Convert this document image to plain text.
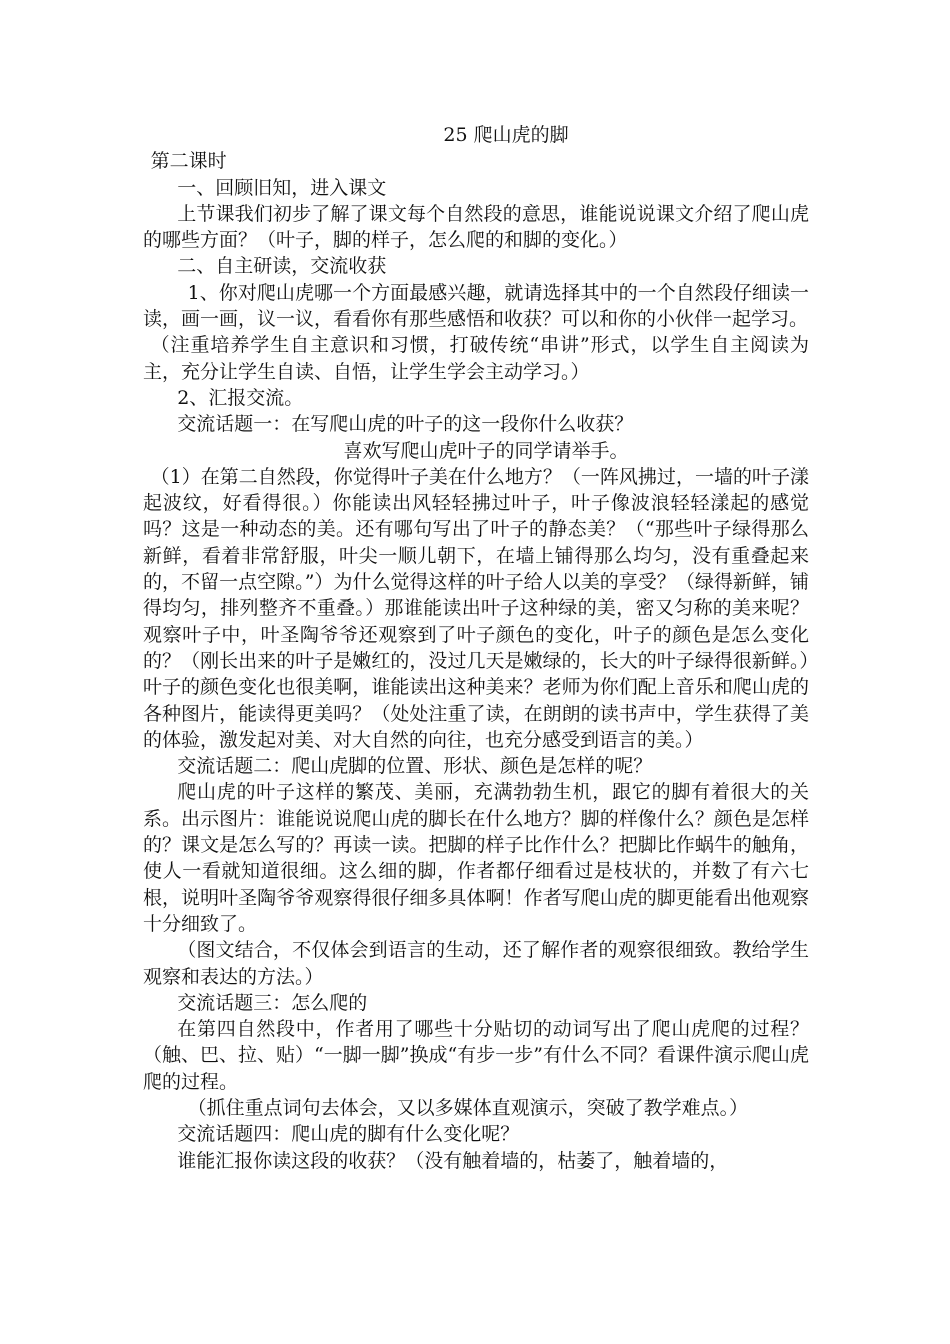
25 爬山虎的脚

第二课时

一、回顾旧知，进入课文

上节课我们初步了解了课文每个自然段的意思，谁能说说课文介绍了爬山虎的哪些方面？（叶子，脚的样子，怎么爬的和脚的变化。）

二、自主研读，交流收获

1、你对爬山虎哪一个方面最感兴趣，就请选择其中的一个自然段仔细读一读，画一画，议一议，看看你有那些感悟和收获？可以和你的小伙伴一起学习。

（注重培养学生自主意识和习惯，打破传统“串讲”形式，以学生自主阅读为主，充分让学生自读、自悟，让学生学会主动学习。）

2、汇报交流。

交流话题一：在写爬山虎的叶子的这一段你什么收获？

喜欢写爬山虎叶子的同学请举手。

（1）在第二自然段，你觉得叶子美在什么地方？（一阵风拂过，一墙的叶子漾起波纹，好看得很。）你能读出风轻轻拂过叶子，叶子像波浪轻轻漾起的感觉吗？这是一种动态的美。还有哪句写出了叶子的静态美？（“那些叶子绿得那么新鲜，看着非常舒服，叶尖一顺儿朝下，在墙上铺得那么均匀，没有重叠起来的，不留一点空隙。”）为什么觉得这样的叶子给人以美的享受？（绿得新鲜，铺得均匀，排列整齐不重叠。）那谁能读出叶子这种绿的美，密又匀称的美来呢？观察叶子中，叶圣陶爷爷还观察到了叶子颜色的变化，叶子的颜色是怎么变化的？（刚长出来的叶子是嫩红的，没过几天是嫩绿的，长大的叶子绿得很新鲜。）叶子的颜色变化也很美啊，谁能读出这种美来？老师为你们配上音乐和爬山虎的各种图片，能读得更美吗？（处处注重了读，在朗朗的读书声中，学生获得了美的体验，激发起对美、对大自然的向往，也充分感受到语言的美。）

交流话题二：爬山虎脚的位置、形状、颜色是怎样的呢？

爬山虎的叶子这样的繁茂、美丽，充满勃勃生机，跟它的脚有着很大的关系。出示图片：谁能说说爬山虎的脚长在什么地方？脚的样像什么？颜色是怎样的？课文是怎么写的？再读一读。把脚的样子比作什么？把脚比作蜗牛的触角，使人一看就知道很细。这么细的脚，作者都仔细看过是枝状的，并数了有六七根，说明叶圣陶爷爷观察得很仔细多具体啊！作者写爬山虎的脚更能看出他观察十分细致了。

（图文结合，不仅体会到语言的生动，还了解作者的观察很细致。教给学生观察和表达的方法。）

交流话题三：怎么爬的

在第四自然段中，作者用了哪些十分贴切的动词写出了爬山虎爬的过程？（触、巴、拉、贴）“一脚一脚”换成“有步一步”有什么不同？看课件演示爬山虎爬的过程。

（抓住重点词句去体会，又以多媒体直观演示，突破了教学难点。）

交流话题四：爬山虎的脚有什么变化呢？

谁能汇报你读这段的收获？（没有触着墙的，枯萎了，触着墙的，
